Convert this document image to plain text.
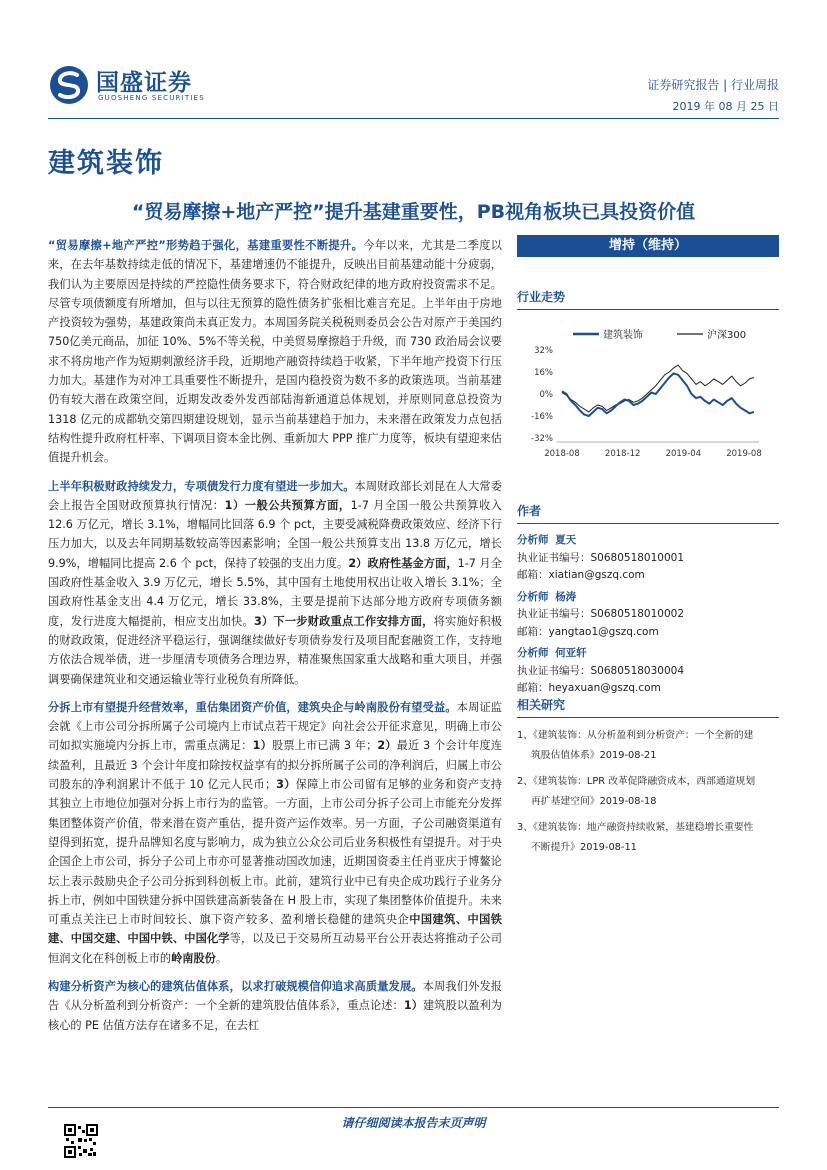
国盛证券
GUOSHENG SECURITIES
证券研究报告 | 行业周报
2019 年 08 月 25 日
建筑装饰
“贸易摩擦+地产严控”提升基建重要性，PB视角板块已具投资价值

“贸易摩擦+地产严控”形势趋于强化，基建重要性不断提升。今年以来，尤其是二季度以来，在去年基数持续走低的情况下，基建增速仍不能提升，反映出目前基建动能十分疲弱，我们认为主要原因是持续的严控隐性债务要求下，符合财政纪律的地方政府投资需求不足。尽管专项债额度有所增加，但与以往无预算的隐性债务扩张相比难言充足。上半年由于房地产投资较为强势，基建政策尚未真正发力。本周国务院关税税则委员会公告对原产于美国约750亿美元商品，加征 10%、5%不等关税，中美贸易摩擦趋于升级，而 730 政治局会议要求不将房地产作为短期刺激经济手段，近期地产融资持续趋于收紧，下半年地产投资下行压力加大。基建作为对冲工具重要性不断提升，是国内稳投资为数不多的政策选项。当前基建仍有较大潜在政策空间，近期发改委外发西部陆海新通道总体规划，并原则同意总投资为 1318 亿元的成都轨交第四期建设规划，显示当前基建趋于加力，未来潜在政策发力点包括结构性提升政府杠杆率、下调项目资本金比例、重新加大 PPP 推广力度等，板块有望迎来估值提升机会。

上半年积极财政持续发力，专项债发行力度有望进一步加大。本周财政部长刘昆在人大常委会上报告全国财政预算执行情况：1）一般公共预算方面，1-7 月全国一般公共预算收入 12.6 万亿元，增长 3.1%，增幅同比回落 6.9 个 pct，主要受减税降费政策效应、经济下行压力加大，以及去年同期基数较高等因素影响；全国一般公共预算支出 13.8 万亿元，增长 9.9%，增幅同比提高 2.6 个 pct，保持了较强的支出力度。2）政府性基金方面，1-7 月全国政府性基金收入 3.9 万亿元，增长 5.5%，其中国有土地使用权出让收入增长 3.1%；全国政府性基金支出 4.4 万亿元，增长 33.8%，主要是提前下达部分地方政府专项债务额度，发行进度大幅提前，相应支出加快。3）下一步财政重点工作安排方面，将实施好积极的财政政策，促进经济平稳运行，强调继续做好专项债券发行及项目配套融资工作，支持地方依法合规举债，进一步厘清专项债务合理边界，精准聚焦国家重大战略和重大项目，并强调要确保建筑业和交通运输业等行业税负有所降低。

分拆上市有望提升经营效率，重估集团资产价值，建筑央企与岭南股份有望受益。本周证监会就《上市公司分拆所属子公司境内上市试点若干规定》向社会公开征求意见，明确上市公司如拟实施境内分拆上市，需重点满足：1）股票上市已满 3 年；2）最近 3 个会计年度连续盈利，且最近 3 个会计年度扣除按权益享有的拟分拆所属子公司的净利润后，归属上市公司股东的净利润累计不低于 10 亿元人民币；3）保障上市公司留有足够的业务和资产支持其独立上市地位加强对分拆上市行为的监管。一方面，上市公司分拆子公司上市能充分发挥集团整体资产价值，带来潜在资产重估，提升资产运作效率。另一方面，子公司融资渠道有望得到拓宽，提升品牌知名度与影响力，成为独立公众公司后业务积极性有望提升。对于央企国企上市公司，拆分子公司上市亦可显著推动国改加速，近期国资委主任肖亚庆于博鳌论坛上表示鼓励央企子公司分拆到科创板上市。此前，建筑行业中已有央企成功践行子业务分拆上市，例如中国铁建分拆中国铁建高新装备在 H 股上市，实现了集团整体价值提升。未来可重点关注已上市时间较长、旗下资产较多、盈利增长稳健的建筑央企中国建筑、中国铁建、中国交建、中国中铁、中国化学等，以及已于交易所互动易平台公开表达将推动子公司恒润文化在科创板上市的岭南股份。

构建分析资产为核心的建筑估值体系，以求打破规模信仰追求高质量发展。本周我们外发报告《从分析盈利到分析资产：一个全新的建筑股估值体系》，重点论述：1）建筑股以盈利为核心的 PE 估值方法存在诸多不足，在去杠

增持（维持）
行业走势
建筑装饰	沪深300
32%
16%
0%
-16%
-32%
2018-08	2018-12	2019-04	2019-08
作者
分析师 夏天
执业证书编号：S0680518010001
邮箱：xiatian@gszq.com
分析师 杨涛
执业证书编号：S0680518010002
邮箱：yangtao1@gszq.com
分析师 何亚轩
执业证书编号：S0680518030004
邮箱：heyaxuan@gszq.com
相关研究
1、《建筑装饰：从分析盈利到分析资产：一个全新的建
筑股估值体系》2019-08-21
2、《建筑装饰：LPR 改革促降融资成本，西部通道规划
再扩基建空间》2019-08-18
3、《建筑装饰：地产融资持续收紧，基建稳增长重要性
不断提升》2019-08-11
请仔细阅读本报告末页声明
